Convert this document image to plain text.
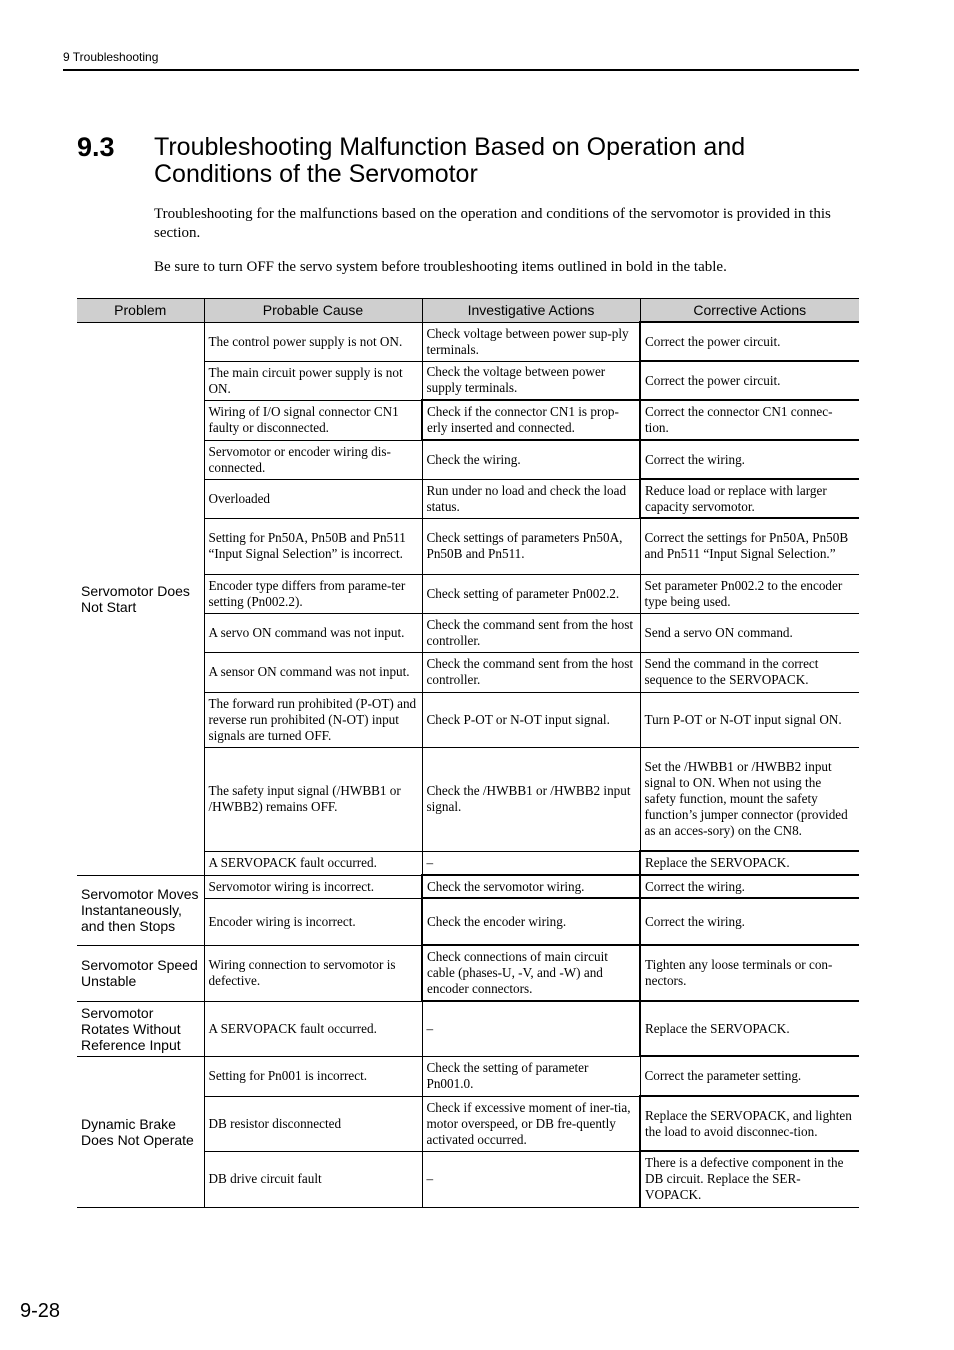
9 Troubleshooting
9.3 Troubleshooting Malfunction Based on Operation and Conditions of the Servomotor
Troubleshooting for the malfunctions based on the operation and conditions of the servomotor is provided in this section.
Be sure to turn OFF the servo system before troubleshooting items outlined in bold in the table.
Problem	Probable Cause	Investigative Actions	Corrective Actions
Servomotor Does Not Start	The control power supply is not ON.	Check voltage between power sup-ply terminals.	Correct the power circuit.
	The main circuit power supply is not ON.	Check the voltage between power supply terminals.	Correct the power circuit.
	Wiring of I/O signal connector CN1 faulty or disconnected.	Check if the connector CN1 is prop-erly inserted and connected.	Correct the connector CN1 connec-tion.
	Servomotor or encoder wiring dis-connected.	Check the wiring.	Correct the wiring.
	Overloaded	Run under no load and check the load status.	Reduce load or replace with larger capacity servomotor.
	Setting for Pn50A, Pn50B and Pn511 “Input Signal Selection” is incorrect.	Check settings of parameters Pn50A, Pn50B and Pn511.	Correct the settings for Pn50A, Pn50B and Pn511 “Input Signal Selection.”
	Encoder type differs from parame-ter setting (Pn002.2).	Check setting of parameter Pn002.2.	Set parameter Pn002.2 to the encoder type being used.
	A servo ON command was not input.	Check the command sent from the host controller.	Send a servo ON command.
	A sensor ON command was not input.	Check the command sent from the host controller.	Send the command in the correct sequence to the SERVOPACK.
	The forward run prohibited (P-OT) and reverse run prohibited (N-OT) input signals are turned OFF.	Check P-OT or N-OT input signal.	Turn P-OT or N-OT input signal ON.
	The safety input signal (/HWBB1 or /HWBB2) remains OFF.	Check the /HWBB1 or /HWBB2 input signal.	Set the /HWBB1 or /HWBB2 input signal to ON. When not using the safety function, mount the safety function’s jumper connector (provided as an acces-sory) on the CN8.
	A SERVOPACK fault occurred.	–	Replace the SERVOPACK.
Servomotor Moves Instantaneously, and then Stops	Servomotor wiring is incorrect.	Check the servomotor wiring.	Correct the wiring.
	Encoder wiring is incorrect.	Check the encoder wiring.	Correct the wiring.
Servomotor Speed Unstable	Wiring connection to servomotor is defective.	Check connections of main circuit cable (phases-U, -V, and -W) and encoder connectors.	Tighten any loose terminals or con-nectors.
Servomotor Rotates Without Reference Input	A SERVOPACK fault occurred.	–	Replace the SERVOPACK.
Dynamic Brake Does Not Operate	Setting for Pn001 is incorrect.	Check the setting of parameter Pn001.0.	Correct the parameter setting.
	DB resistor disconnected	Check if excessive moment of iner-tia, motor overspeed, or DB fre-quently activated occurred.	Replace the SERVOPACK, and lighten the load to avoid disconnec-tion.
	DB drive circuit fault	–	There is a defective component in the DB circuit. Replace the SER-VOPACK.
9-28
